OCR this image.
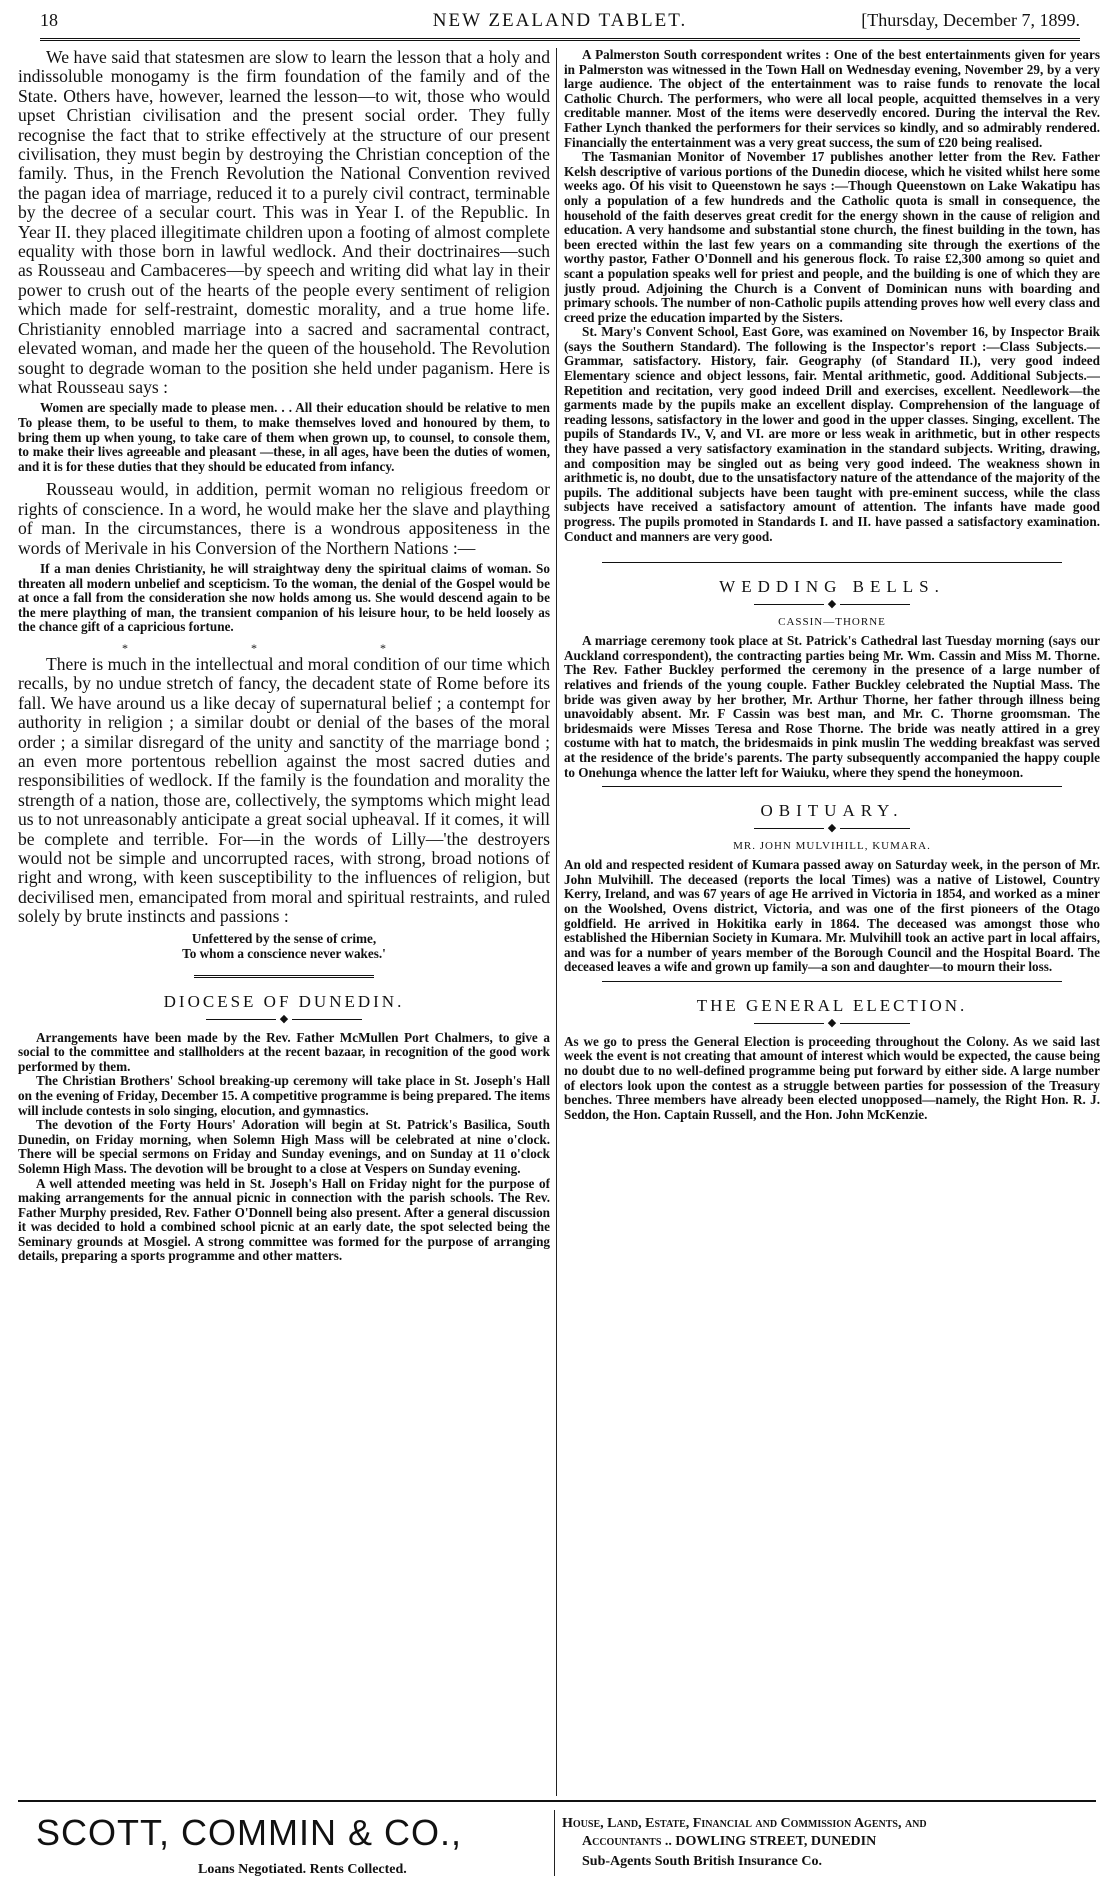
18	NEW ZEALAND TABLET.	[Thursday, December 7, 1899.

We have said that statesmen are slow to learn the lesson that a holy and indissoluble monogamy is the firm foundation of the family and of the State. Others have, however, learned the lesson—to wit, those who would upset Christian civilisation and the present social order. They fully recognise the fact that to strike effectively at the structure of our present civilisation, they must begin by destroying the Christian conception of the family. Thus, in the French Revolution the National Convention revived the pagan idea of marriage, reduced it to a purely civil contract, terminable by the decree of a secular court. This was in Year I. of the Republic. In Year II. they placed illegitimate children upon a footing of almost complete equality with those born in lawful wedlock. And their doctrinaires—such as Rousseau and Cambaceres—by speech and writing did what lay in their power to crush out of the hearts of the people every sentiment of religion which made for self-restraint, domestic morality, and a true home life. Christianity ennobled marriage into a sacred and sacramental contract, elevated woman, and made her the queen of the household. The Revolution sought to degrade woman to the position she held under paganism. Here is what Rousseau says :

Women are specially made to please men. . . All their education should be relative to men To please them, to be useful to them, to make themselves loved and honoured by them, to bring them up when young, to take care of them when grown up, to counsel, to console them, to make their lives agreeable and pleasant —these, in all ages, have been the duties of women, and it is for these duties that they should be educated from infancy.

Rousseau would, in addition, permit woman no religious freedom or rights of conscience. In a word, he would make her the slave and plaything of man. In the circumstances, there is a wondrous appositeness in the words of Merivale in his Conversion of the Northern Nations :—

If a man denies Christianity, he will straightway deny the spiritual claims of woman. So threaten all modern unbelief and scepticism. To the woman, the denial of the Gospel would be at once a fall from the consideration she now holds among us. She would descend again to be the mere plaything of man, the transient companion of his leisure hour, to be held loosely as the chance gift of a capricious fortune.

* * *

There is much in the intellectual and moral condition of our time which recalls, by no undue stretch of fancy, the decadent state of Rome before its fall. We have around us a like decay of supernatural belief ; a contempt for authority in religion ; a similar doubt or denial of the bases of the moral order ; a similar disregard of the unity and sanctity of the marriage bond ; an even more portentous rebellion against the most sacred duties and responsibilities of wedlock. If the family is the foundation and morality the strength of a nation, those are, collectively, the symptoms which might lead us to not unreasonably anticipate a great social upheaval. If it comes, it will be complete and terrible. For—in the words of Lilly—'the destroyers would not be simple and uncorrupted races, with strong, broad notions of right and wrong, with keen susceptibility to the influences of religion, but decivilised men, emancipated from moral and spiritual restraints, and ruled solely by brute instincts and passions :

Unfettered by the sense of crime,
To whom a conscience never wakes.'
DIOCESE OF DUNEDIN.
◆

Arrangements have been made by the Rev. Father McMullen Port Chalmers, to give a social to the committee and stallholders at the recent bazaar, in recognition of the good work performed by them.

The Christian Brothers' School breaking-up ceremony will take place in St. Joseph's Hall on the evening of Friday, December 15. A competitive programme is being prepared. The items will include contests in solo singing, elocution, and gymnastics.

The devotion of the Forty Hours' Adoration will begin at St. Patrick's Basilica, South Dunedin, on Friday morning, when Solemn High Mass will be celebrated at nine o'clock. There will be special sermons on Friday and Sunday evenings, and on Sunday at 11 o'clock Solemn High Mass. The devotion will be brought to a close at Vespers on Sunday evening.

A well attended meeting was held in St. Joseph's Hall on Friday night for the purpose of making arrangements for the annual picnic in connection with the parish schools. The Rev. Father Murphy presided, Rev. Father O'Donnell being also present. After a general discussion it was decided to hold a combined school picnic at an early date, the spot selected being the Seminary grounds at Mosgiel. A strong committee was formed for the purpose of arranging details, preparing a sports programme and other matters.

A Palmerston South correspondent writes : One of the best entertainments given for years in Palmerston was witnessed in the Town Hall on Wednesday evening, November 29, by a very large audience. The object of the entertainment was to raise funds to renovate the local Catholic Church. The performers, who were all local people, acquitted themselves in a very creditable manner. Most of the items were deservedly encored. During the interval the Rev. Father Lynch thanked the performers for their services so kindly, and so admirably rendered. Financially the entertainment was a very great success, the sum of £20 being realised.

The Tasmanian Monitor of November 17 publishes another letter from the Rev. Father Kelsh descriptive of various portions of the Dunedin diocese, which he visited whilst here some weeks ago. Of his visit to Queenstown he says :—Though Queenstown on Lake Wakatipu has only a population of a few hundreds and the Catholic quota is small in consequence, the household of the faith deserves great credit for the energy shown in the cause of religion and education. A very handsome and substantial stone church, the finest building in the town, has been erected within the last few years on a commanding site through the exertions of the worthy pastor, Father O'Donnell and his generous flock. To raise £2,300 among so quiet and scant a population speaks well for priest and people, and the building is one of which they are justly proud. Adjoining the Church is a Convent of Dominican nuns with boarding and primary schools. The number of non-Catholic pupils attending proves how well every class and creed prize the education imparted by the Sisters.

St. Mary's Convent School, East Gore, was examined on November 16, by Inspector Braik (says the Southern Standard). The following is the Inspector's report :—Class Subjects.—Grammar, satisfactory. History, fair. Geography (of Standard II.), very good indeed Elementary science and object lessons, fair. Mental arithmetic, good. Additional Subjects.—Repetition and recitation, very good indeed Drill and exercises, excellent. Needlework—the garments made by the pupils make an excellent display. Comprehension of the language of reading lessons, satisfactory in the lower and good in the upper classes. Singing, excellent. The pupils of Standards IV., V, and VI. are more or less weak in arithmetic, but in other respects they have passed a very satisfactory examination in the standard subjects. Writing, drawing, and composition may be singled out as being very good indeed. The weakness shown in arithmetic is, no doubt, due to the unsatisfactory nature of the attendance of the majority of the pupils. The additional subjects have been taught with pre-eminent success, while the class subjects have received a satisfactory amount of attention. The infants have made good progress. The pupils promoted in Standards I. and II. have passed a satisfactory examination. Conduct and manners are very good.

WEDDING BELLS.
◆
CASSIN—THORNE

A marriage ceremony took place at St. Patrick's Cathedral last Tuesday morning (says our Auckland correspondent), the contracting parties being Mr. Wm. Cassin and Miss M. Thorne. The Rev. Father Buckley performed the ceremony in the presence of a large number of relatives and friends of the young couple. Father Buckley celebrated the Nuptial Mass. The bride was given away by her brother, Mr. Arthur Thorne, her father through illness being unavoidably absent. Mr. F Cassin was best man, and Mr. C. Thorne groomsman. The bridesmaids were Misses Teresa and Rose Thorne. The bride was neatly attired in a grey costume with hat to match, the bridesmaids in pink muslin The wedding breakfast was served at the residence of the bride's parents. The party subsequently accompanied the happy couple to Onehunga whence the latter left for Waiuku, where they spend the honeymoon.

OBITUARY.
◆
MR. JOHN MULVIHILL, KUMARA.

An old and respected resident of Kumara passed away on Saturday week, in the person of Mr. John Mulvihill. The deceased (reports the local Times) was a native of Listowel, Country Kerry, Ireland, and was 67 years of age He arrived in Victoria in 1854, and worked as a miner on the Woolshed, Ovens district, Victoria, and was one of the first pioneers of the Otago goldfield. He arrived in Hokitika early in 1864. The deceased was amongst those who established the Hibernian Society in Kumara. Mr. Mulvihill took an active part in local affairs, and was for a number of years member of the Borough Council and the Hospital Board. The deceased leaves a wife and grown up family—a son and daughter—to mourn their loss.

THE GENERAL ELECTION.
◆

As we go to press the General Election is proceeding throughout the Colony. As we said last week the event is not creating that amount of interest which would be expected, the cause being no doubt due to no well-defined programme being put forward by either side. A large number of electors look upon the contest as a struggle between parties for possession of the Treasury benches. Three members have already been elected unopposed—namely, the Right Hon. R. J. Seddon, the Hon. Captain Russell, and the Hon. John McKenzie.

SCOTT, COMMIN & CO.,
Loans Negotiated. Rents Collected.
House, Land, Estate, Financial and Commission Agents, and
Accountants .. DOWLING STREET, DUNEDIN
Sub-Agents South British Insurance Co.
